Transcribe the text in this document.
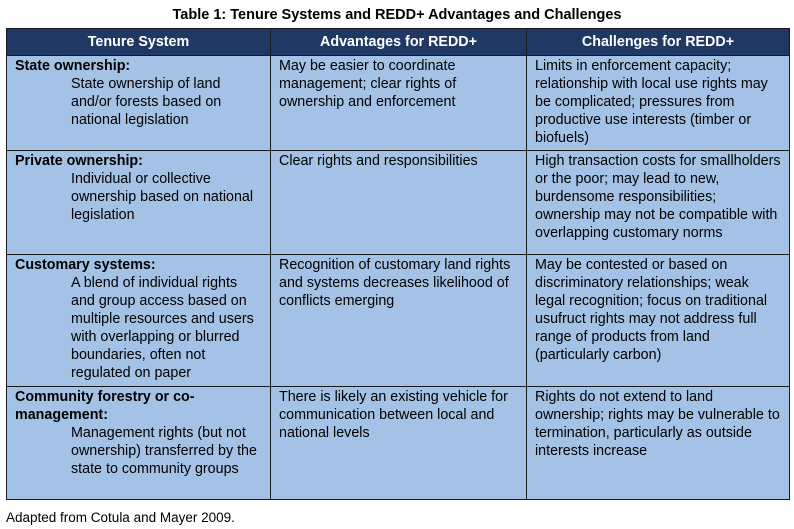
Table 1: Tenure Systems and REDD+ Advantages and Challenges
Tenure System	Advantages for REDD+	Challenges for REDD+

State ownership:
State ownership of land and/or forests based on national legislation	May be easier to coordinate management; clear rights of ownership and enforcement	Limits in enforcement capacity; relationship with local use rights may be complicated; pressures from productive use interests (timber or biofuels)

Private ownership:
Individual or collective ownership based on national legislation	Clear rights and responsibilities	High transaction costs for smallholders or the poor; may lead to new, burdensome responsibilities; ownership may not be compatible with overlapping customary norms

Customary systems:
A blend of individual rights and group access based on multiple resources and users with overlapping or blurred boundaries, often not regulated on paper	Recognition of customary land rights and systems decreases likelihood of conflicts emerging	May be contested or based on discriminatory relationships; weak legal recognition; focus on traditional usufruct rights may not address full range of products from land (particularly carbon)

Community forestry or co-management:
Management rights (but not ownership) transferred by the state to community groups	There is likely an existing vehicle for communication between local and national levels	Rights do not extend to land ownership; rights may be vulnerable to termination, particularly as outside interests increase
Adapted from Cotula and Mayer 2009.
